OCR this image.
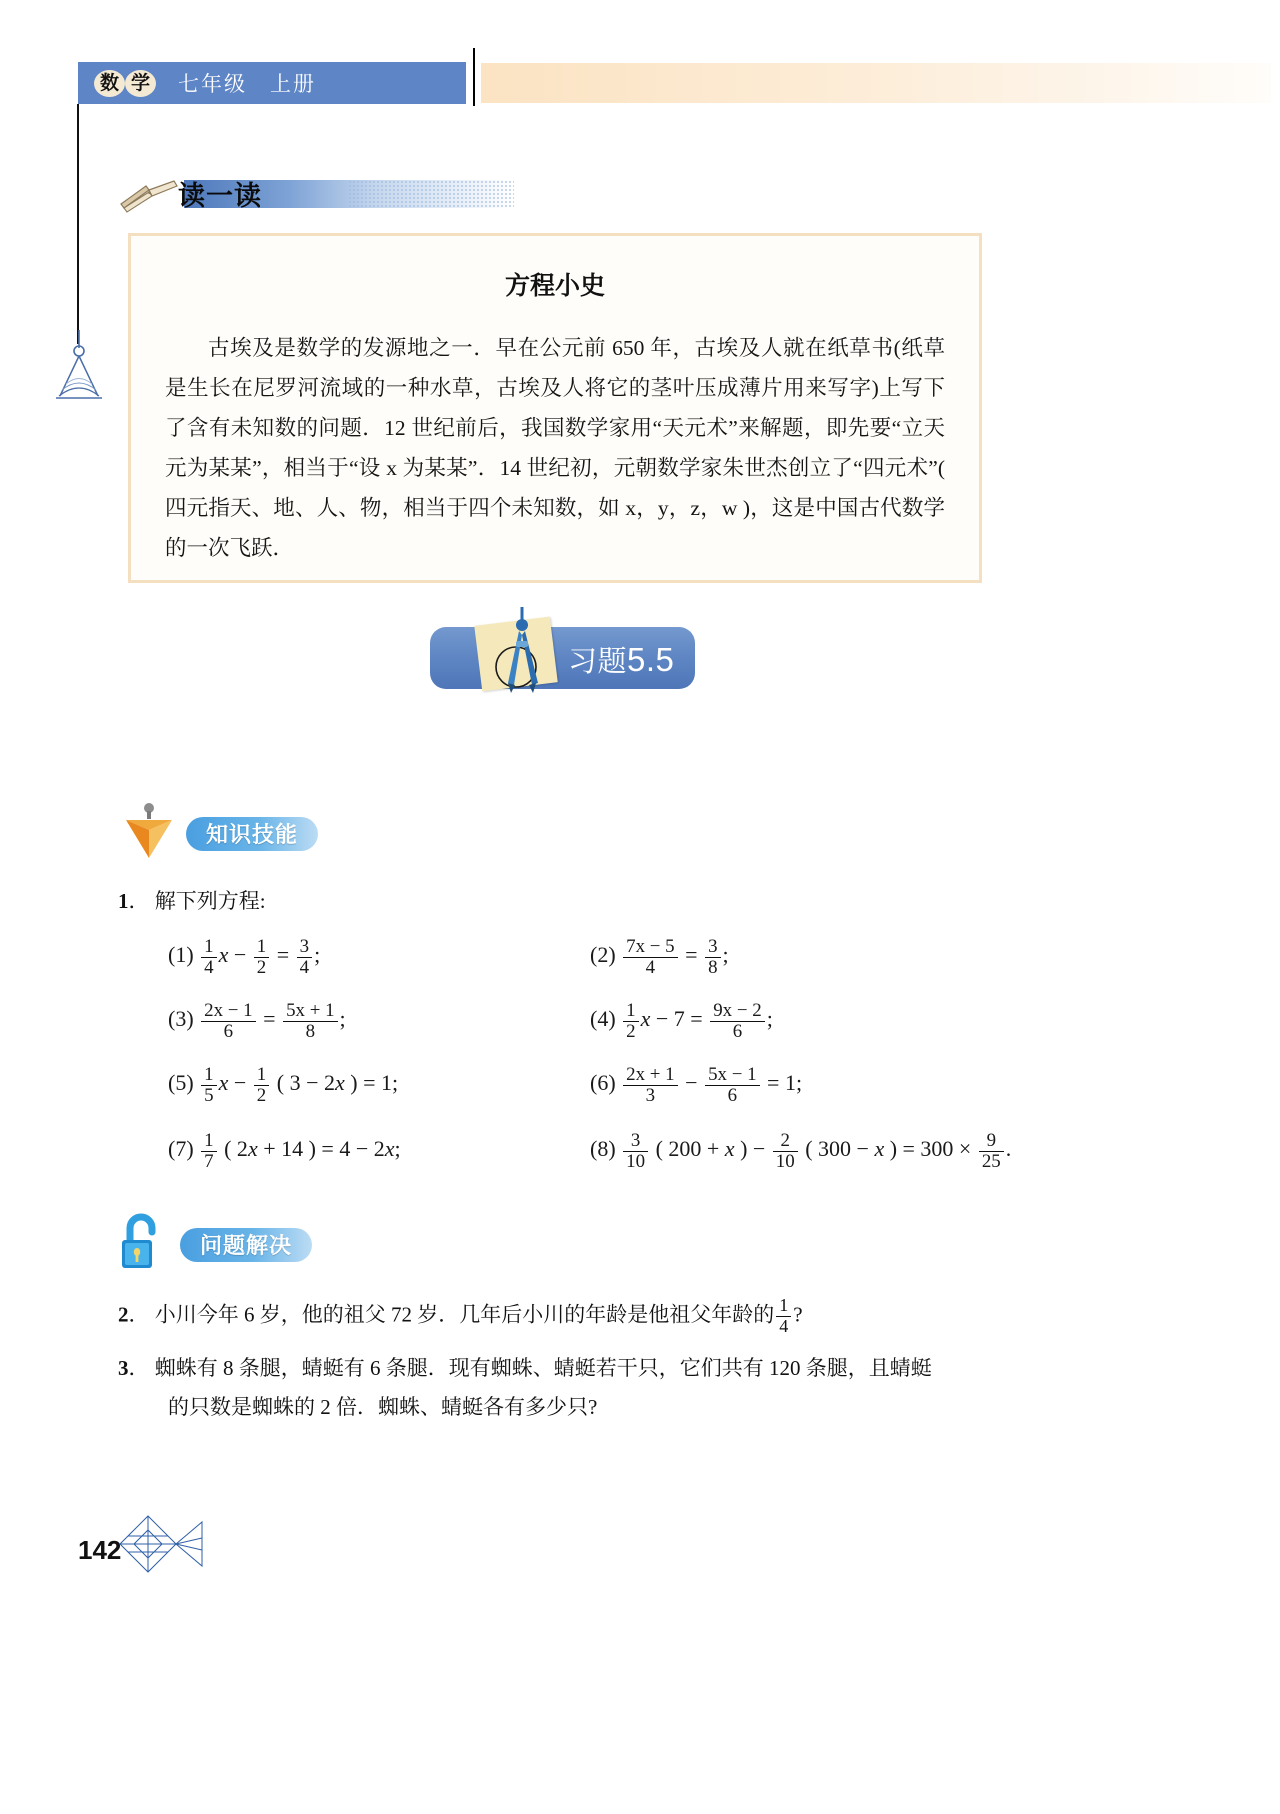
数 学 七年级　上册
读一读
方程小史
古埃及是数学的发源地之一．早在公元前 650 年，古埃及人就在纸草书(纸草是生长在尼罗河流域的一种水草，古埃及人将它的茎叶压成薄片用来写字)上写下了含有未知数的问题．12 世纪前后，我国数学家用“天元术”来解题，即先要“立天元为某某”，相当于“设 x 为某某”．14 世纪初，元朝数学家朱世杰创立了“四元术”( 四元指天、地、人、物，相当于四个未知数，如 x，y，z，w )，这是中国古代数学的一次飞跃．
习题5.5
知识技能
1． 解下列方程:
$(1) \frac{1}{4}$ $x - \frac{1}{2} = \frac{3}{4}$ ;	$(2) \frac{7x - 5}{4} = \frac{3}{8}$ ;
$(3) \frac{2x - 1}{6} = \frac{5x + 1}{8}$ ;	$(4) \frac{1}{2}$ $x - 7 = \frac{9x - 2}{6}$ ;
$(5) \frac{1}{5}$ $x - \frac{1}{2}$ ( 3 − 2x ) = 1;	$(6) \frac{2x + 1}{3} - \frac{5x - 1}{6} = 1$;
$(7) \frac{1}{7}$ ( 2x + 14 ) = 4 − 2x;	$(8) \frac{3}{10}$ ( 200 + x ) − $\frac{2}{10}$ ( 300 − x ) = $300 \times \frac{9}{25}$ .
问题解决
2． 小川今年 6 岁，他的祖父 72 岁．几年后小川的年龄是他祖父年龄的 $\frac{1}{4}$ ?
3． 蜘蛛有 8 条腿，蜻蜓有 6 条腿．现有蜘蛛、蜻蜓若干只，它们共有 120 条腿，且蜻蜓
的只数是蜘蛛的 2 倍．蜘蛛、蜻蜓各有多少只?
142
